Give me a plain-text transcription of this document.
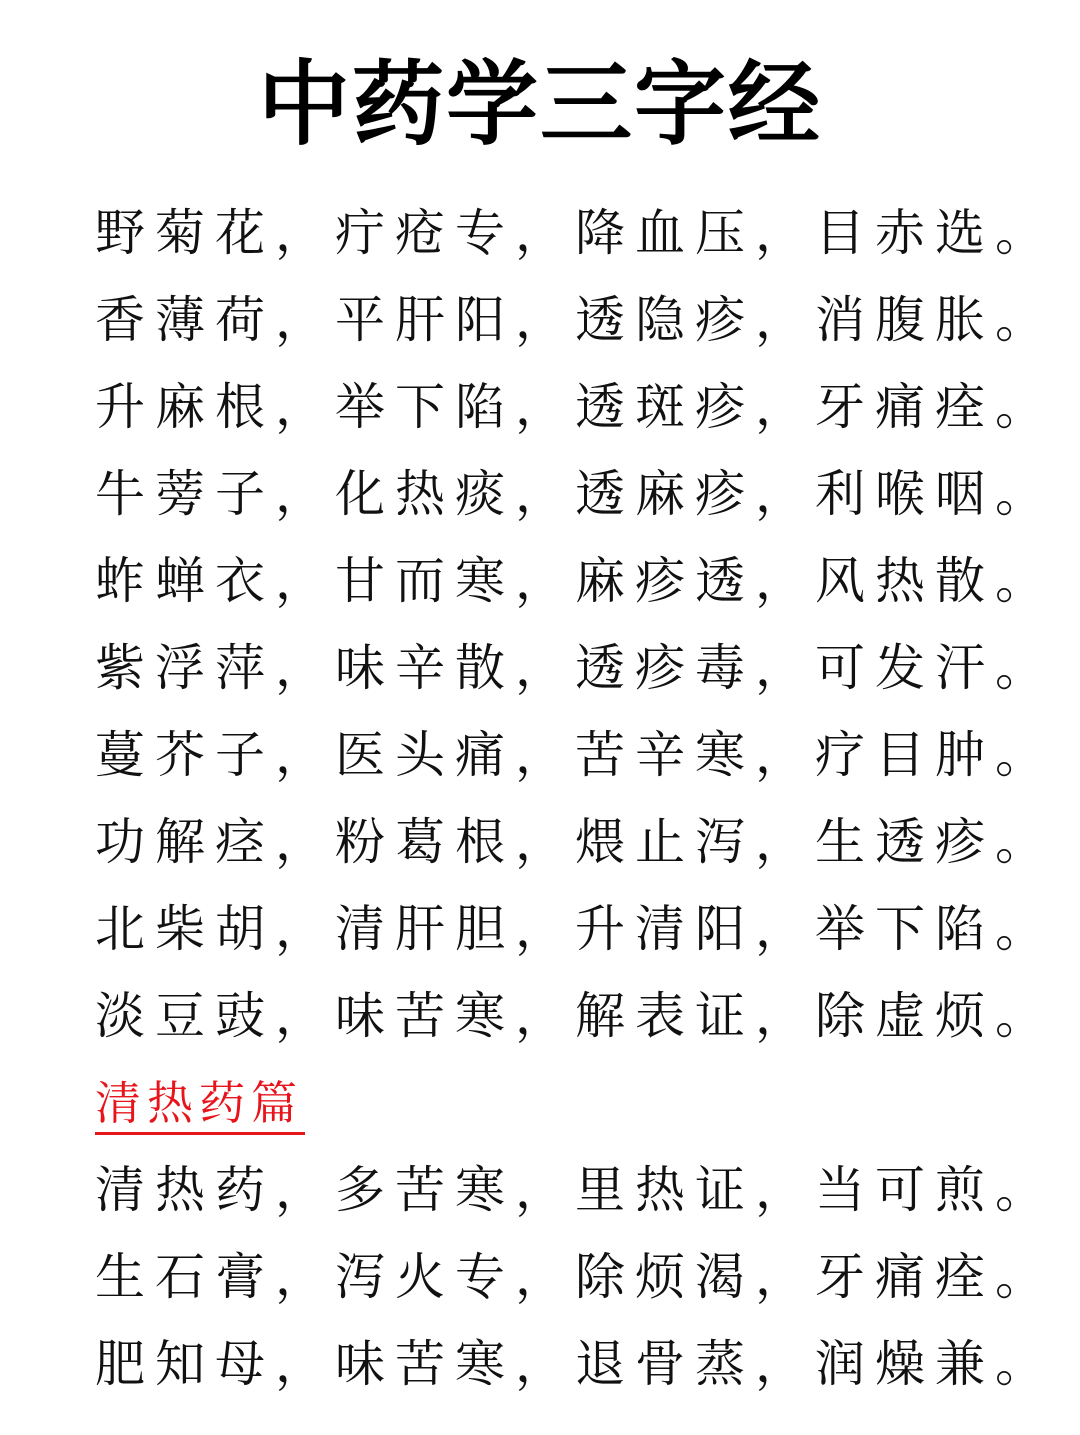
中药学三字经
野菊花，疔疮专，降血压，目赤选。
香薄荷，平肝阳，透隐疹，消腹胀。
升麻根，举下陷，透斑疹，牙痛痊。
牛蒡子，化热痰，透麻疹，利喉咽。
蚱蝉衣，甘而寒，麻疹透，风热散。
紫浮萍，味辛散，透疹毒，可发汗。
蔓芥子，医头痛，苦辛寒，疗目肿。
功解痉，粉葛根，煨止泻，生透疹。
北柴胡，清肝胆，升清阳，举下陷。
淡豆豉，味苦寒，解表证，除虚烦。
清热药篇
清热药，多苦寒，里热证，当可煎。
生石膏，泻火专，除烦渴，牙痛痊。
肥知母，味苦寒，退骨蒸，润燥兼。
